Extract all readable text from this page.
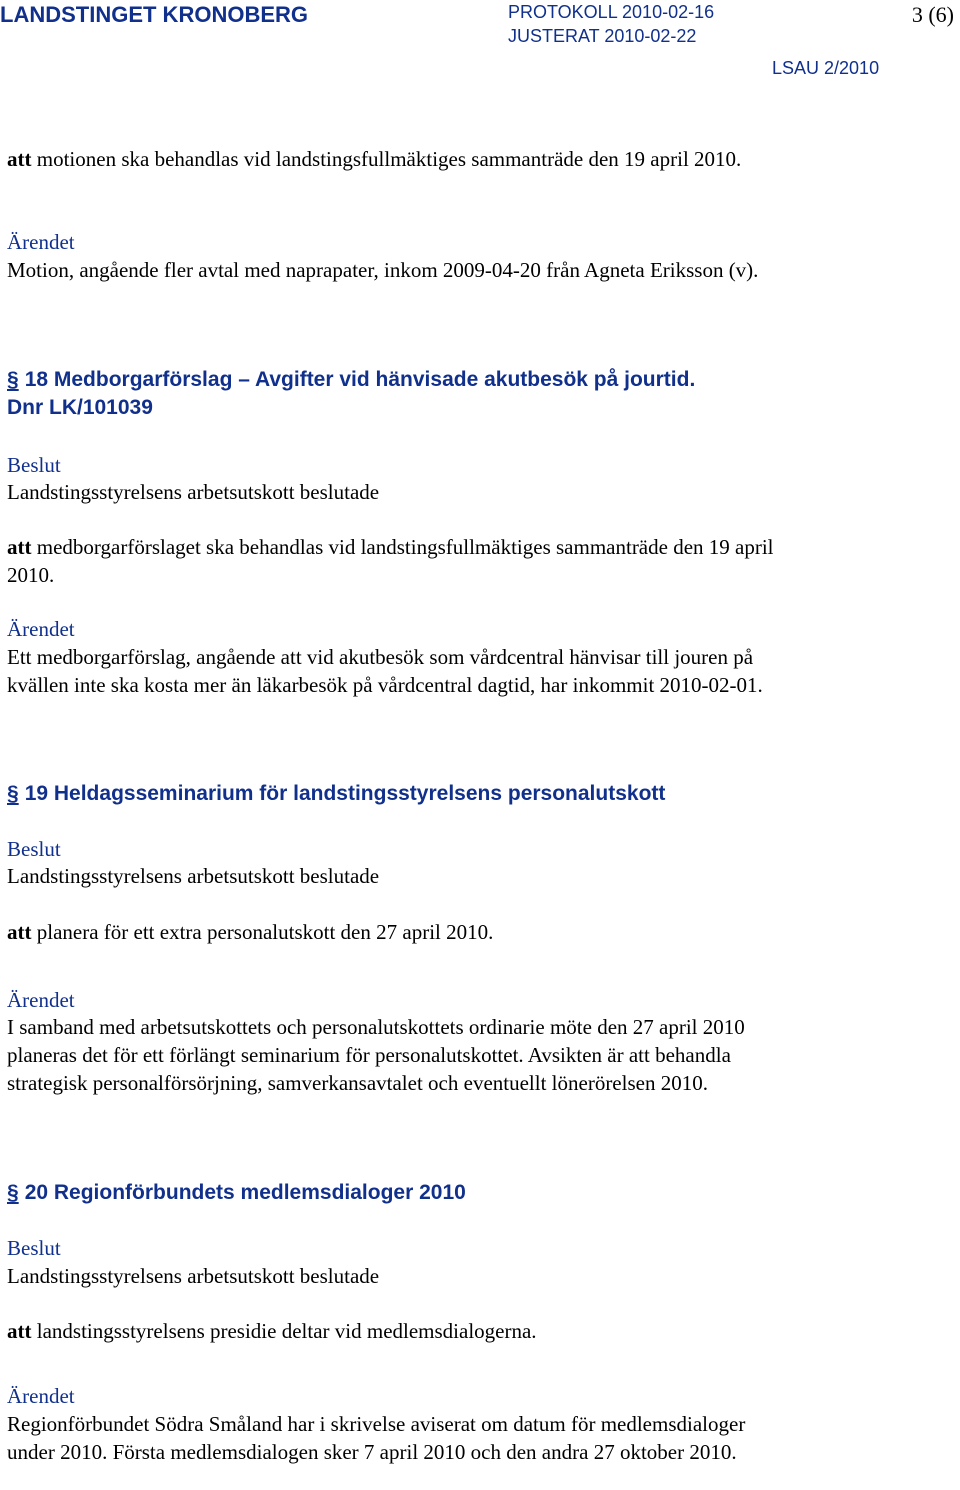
LANDSTINGET KRONOBERG	PROTOKOLL 2010-02-16
JUSTERAT 2010-02-22
LSAU 2/2010
3 (6)

att motionen ska behandlas vid landstingsfullmäktiges sammanträde den 19 april 2010.

Ärendet

Motion, angående fler avtal med naprapater, inkom 2009-04-20 från Agneta Eriksson (v).

§ 18 Medborgarförslag – Avgifter vid hänvisade akutbesök på jourtid. Dnr LK/101039

Beslut

Landstingsstyrelsens arbetsutskott beslutade

att medborgarförslaget ska behandlas vid landstingsfullmäktiges sammanträde den 19 april 2010.

Ärendet

Ett medborgarförslag, angående att vid akutbesök som vårdcentral hänvisar till jouren på kvällen inte ska kosta mer än läkarbesök på vårdcentral dagtid, har inkommit 2010-02-01.

§ 19 Heldagsseminarium för landstingsstyrelsens personalutskott

Beslut

Landstingsstyrelsens arbetsutskott beslutade

att planera för ett extra personalutskott den 27 april 2010.

Ärendet

I samband med arbetsutskottets och personalutskottets ordinarie möte den 27 april 2010 planeras det för ett förlängt seminarium för personalutskottet. Avsikten är att behandla strategisk personalförsörjning, samverkansavtalet och eventuellt lönerörelsen 2010.

§ 20 Regionförbundets medlemsdialoger 2010

Beslut

Landstingsstyrelsens arbetsutskott beslutade

att landstingsstyrelsens presidie deltar vid medlemsdialogerna.

Ärendet

Regionförbundet Södra Småland har i skrivelse aviserat om datum för medlemsdialoger under 2010. Första medlemsdialogen sker 7 april 2010 och den andra 27 oktober 2010.
